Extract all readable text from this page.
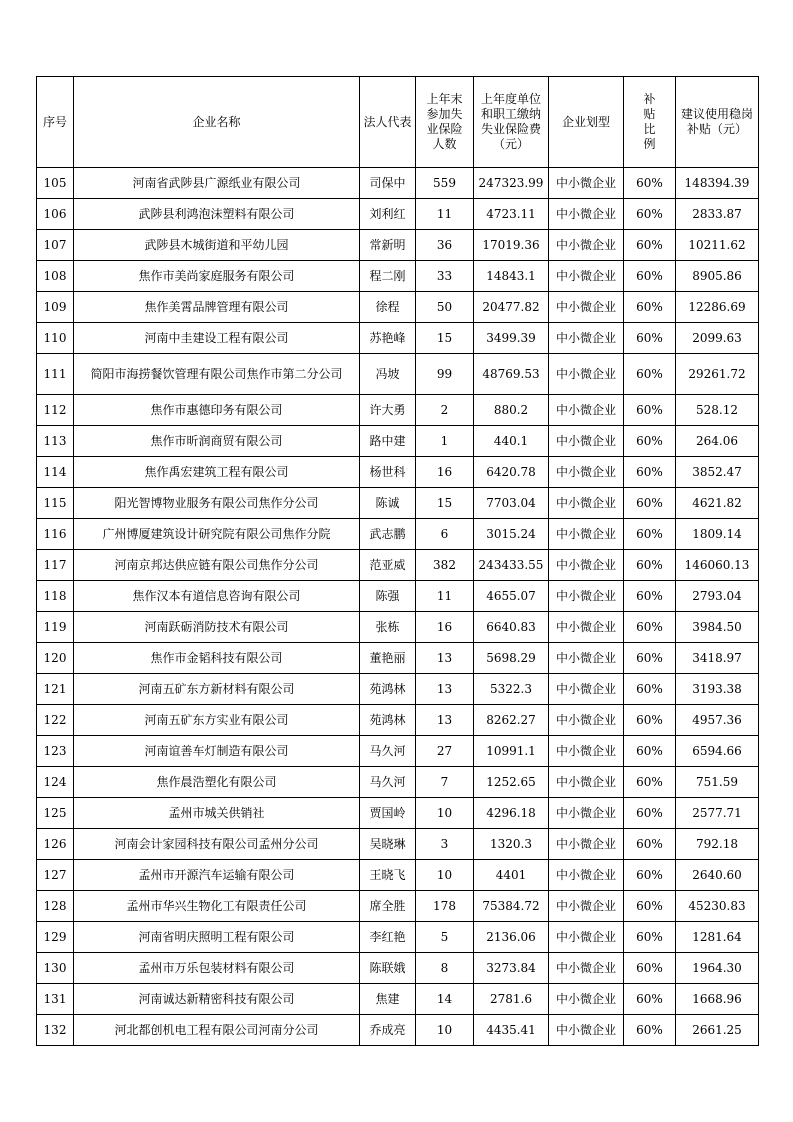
序号	企业名称	法人代表	上年末参加失业保险人数	上年度单位和职工缴纳失业保险费（元）	企业划型	补贴比例	建议使用稳岗补贴（元）
105	河南省武陟县广源纸业有限公司	司保中	559	247323.99	中小微企业	60%	148394.39
106	武陟县利鸿泡沫塑料有限公司	刘利红	11	4723.11	中小微企业	60%	2833.87
107	武陟县木城街道和平幼儿园	常新明	36	17019.36	中小微企业	60%	10211.62
108	焦作市美尚家庭服务有限公司	程二刚	33	14843.1	中小微企业	60%	8905.86
109	焦作美霄品牌管理有限公司	徐程	50	20477.82	中小微企业	60%	12286.69
110	河南中圭建设工程有限公司	苏艳峰	15	3499.39	中小微企业	60%	2099.63
111	简阳市海捞餐饮管理有限公司焦作市第二分公司	冯坡	99	48769.53	中小微企业	60%	29261.72
112	焦作市惠德印务有限公司	许大勇	2	880.2	中小微企业	60%	528.12
113	焦作市昕润商贸有限公司	路中建	1	440.1	中小微企业	60%	264.06
114	焦作禹宏建筑工程有限公司	杨世科	16	6420.78	中小微企业	60%	3852.47
115	阳光智博物业服务有限公司焦作分公司	陈诚	15	7703.04	中小微企业	60%	4621.82
116	广州博厦建筑设计研究院有限公司焦作分院	武志鹏	6	3015.24	中小微企业	60%	1809.14
117	河南京邦达供应链有限公司焦作分公司	范亚威	382	243433.55	中小微企业	60%	146060.13
118	焦作汉本有道信息咨询有限公司	陈强	11	4655.07	中小微企业	60%	2793.04
119	河南跃砺消防技术有限公司	张栋	16	6640.83	中小微企业	60%	3984.50
120	焦作市金韬科技有限公司	董艳丽	13	5698.29	中小微企业	60%	3418.97
121	河南五矿东方新材料有限公司	苑鸿林	13	5322.3	中小微企业	60%	3193.38
122	河南五矿东方实业有限公司	苑鸿林	13	8262.27	中小微企业	60%	4957.36
123	河南谊善车灯制造有限公司	马久河	27	10991.1	中小微企业	60%	6594.66
124	焦作晨浩塑化有限公司	马久河	7	1252.65	中小微企业	60%	751.59
125	孟州市城关供销社	贾国岭	10	4296.18	中小微企业	60%	2577.71
126	河南会计家园科技有限公司孟州分公司	吴晓琳	3	1320.3	中小微企业	60%	792.18
127	孟州市开源汽车运输有限公司	王晓飞	10	4401	中小微企业	60%	2640.60
128	孟州市华兴生物化工有限责任公司	席全胜	178	75384.72	中小微企业	60%	45230.83
129	河南省明庆照明工程有限公司	李红艳	5	2136.06	中小微企业	60%	1281.64
130	孟州市万乐包装材料有限公司	陈联娥	8	3273.84	中小微企业	60%	1964.30
131	河南诚达新精密科技有限公司	焦建	14	2781.6	中小微企业	60%	1668.96
132	河北都创机电工程有限公司河南分公司	乔成亮	10	4435.41	中小微企业	60%	2661.25
